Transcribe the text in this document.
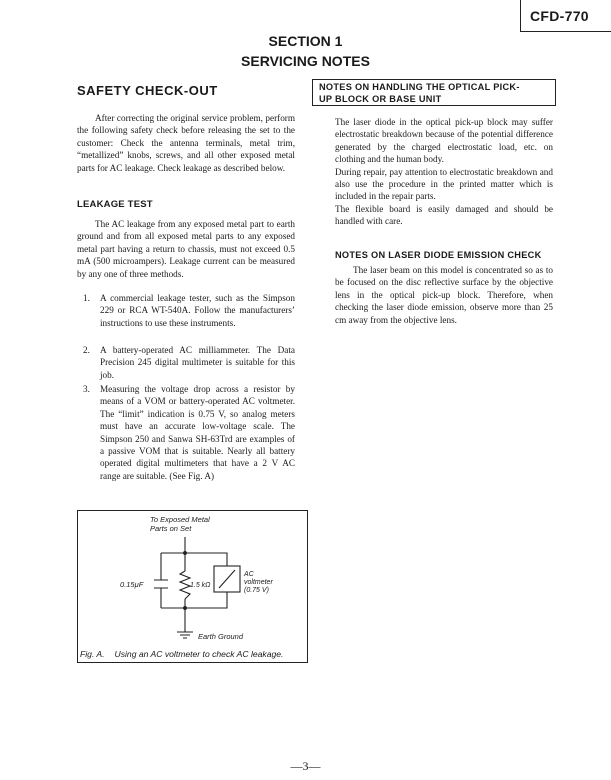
CFD-770
SECTION 1
SERVICING NOTES
SAFETY CHECK-OUT

After correcting the original service problem, perform the following safety check before releasing the set to the customer: Check the antenna terminals, metal trim, “metallized” knobs, screws, and all other exposed metal parts for AC leakage. Check leakage as described below.

LEAKAGE TEST

The AC leakage from any exposed metal part to earth ground and from all exposed metal parts to any exposed metal part having a return to chassis, must not exceed 0.5 mA (500 microampers). Leakage current can be measured by any one of three methods.

1.	A commercial leakage tester, such as the Simpson 229 or RCA WT-540A. Follow the manufacturers’ instructions to use these instruments.
2.	A battery-operated AC milliammeter. The Data Precision 245 digital multimeter is suitable for this job.
3.	Measuring the voltage drop across a resistor by means of a VOM or battery-operated AC voltmeter. The “limit” indication is 0.75 V, so analog meters must have an accurate low-voltage scale. The Simpson 250 and Sanwa SH-63Trd are examples of a passive VOM that is suitable. Nearly all battery operated digital multimeters that have a 2 V AC range are suitable. (See Fig. A)
To Exposed Metal
Parts on Set
0.15μF	1.5 kΩ
AC
voltmeter
(0.75 V)
Earth Ground
Fig. A. Using an AC voltmeter to check AC leakage.
NOTES ON HANDLING THE OPTICAL PICK-
UP BLOCK OR BASE UNIT
The laser diode in the optical pick-up block may suffer electrostatic breakdown because of the potential difference generated by the charged electrostatic load, etc. on clothing and the human body.
During repair, pay attention to electrostatic breakdown and also use the procedure in the printed matter which is included in the repair parts.
The flexible board is easily damaged and should be handled with care.
NOTES ON LASER DIODE EMISSION CHECK

The laser beam on this model is concentrated so as to be focused on the disc reflective surface by the objective lens in the optical pick-up block. Therefore, when checking the laser diode emission, observe more than 25 cm away from the objective lens.

—3—
